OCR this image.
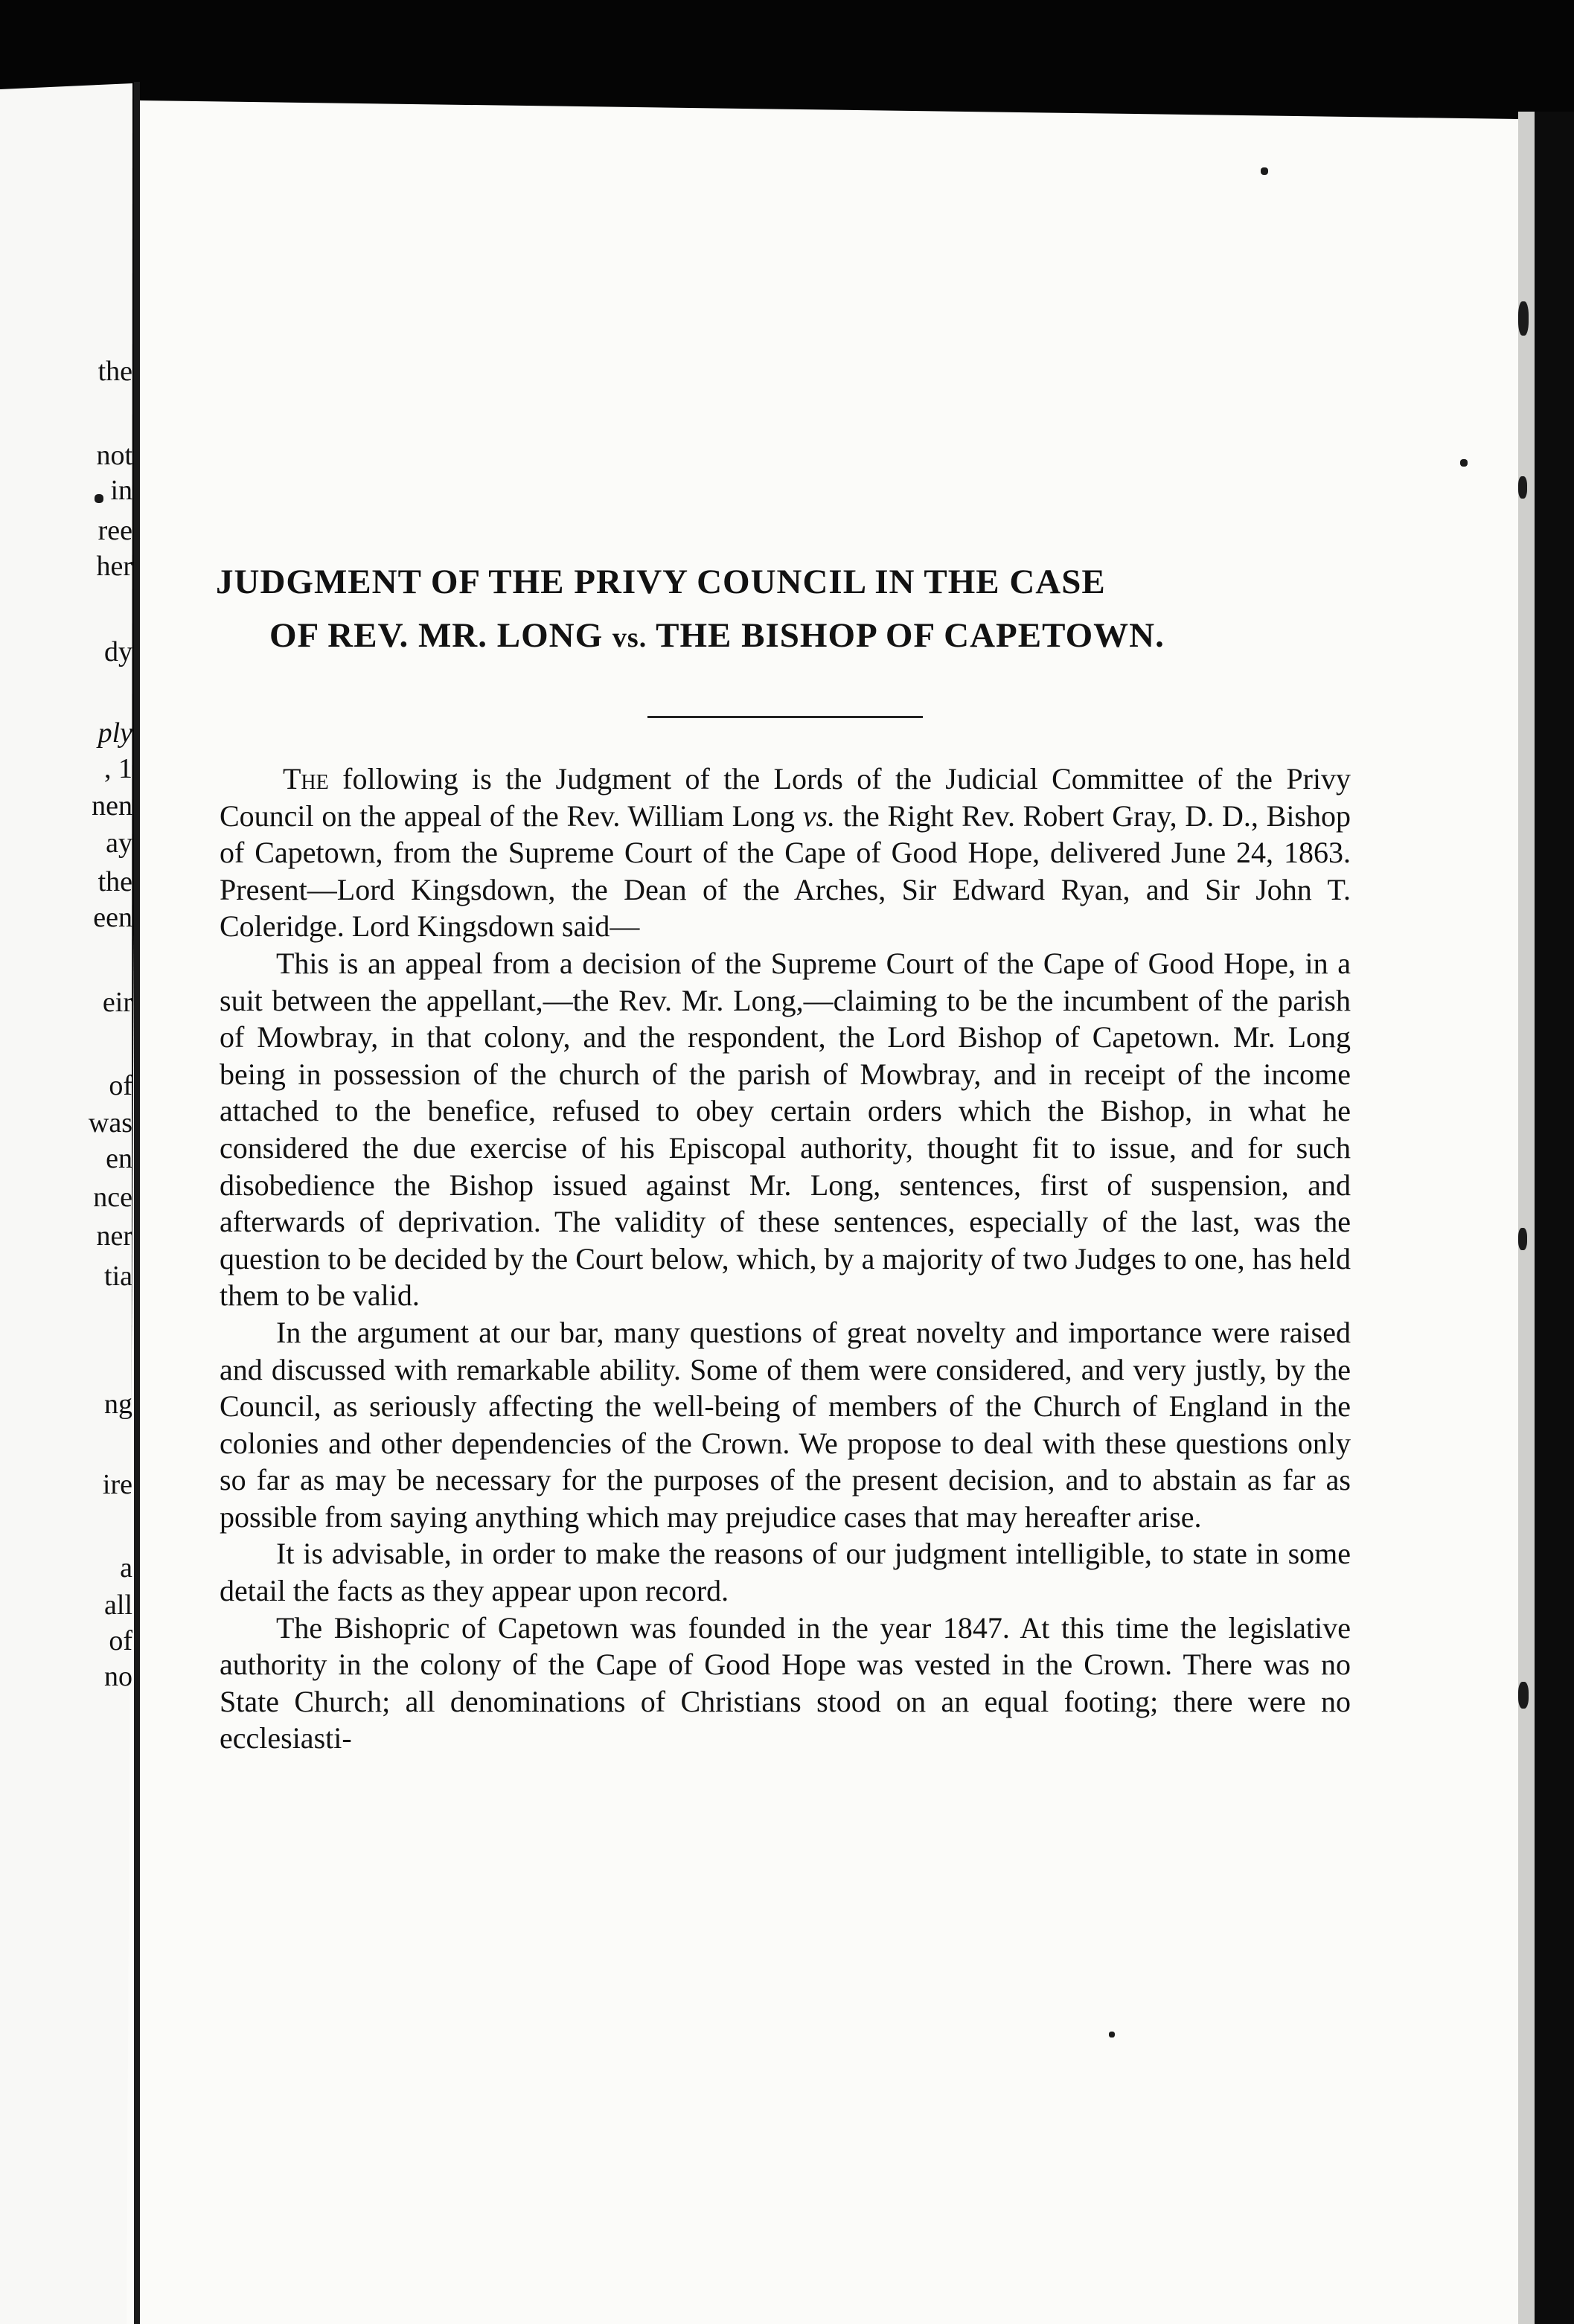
the
not
in
ree
her
dy
ply
, 1
nen
ay
the
een
eir
of
was
en
nce
ner
tia
ng
ire
a
all
of
no
JUDGMENT OF THE PRIVY COUNCIL IN THE CASE
OF REV. MR. LONG vs. THE BISHOP OF CAPETOWN.

The following is the Judgment of the Lords of the Judicial Committee of the Privy Council on the appeal of the Rev. William Long vs. the Right Rev. Robert Gray, D. D., Bishop of Capetown, from the Supreme Court of the Cape of Good Hope, delivered June 24, 1863. Present—Lord Kingsdown, the Dean of the Arches, Sir Edward Ryan, and Sir John T. Coleridge. Lord Kingsdown said—

This is an appeal from a decision of the Supreme Court of the Cape of Good Hope, in a suit between the appellant,—the Rev. Mr. Long,—claiming to be the incumbent of the parish of Mowbray, in that colony, and the respondent, the Lord Bishop of Capetown. Mr. Long being in possession of the church of the parish of Mowbray, and in receipt of the income attached to the benefice, refused to obey certain orders which the Bishop, in what he considered the due exercise of his Episcopal authority, thought fit to issue, and for such disobedience the Bishop issued against Mr. Long, sentences, first of suspension, and afterwards of deprivation. The validity of these sentences, especially of the last, was the question to be decided by the Court below, which, by a majority of two Judges to one, has held them to be valid.

In the argument at our bar, many questions of great novelty and importance were raised and discussed with remarkable ability. Some of them were considered, and very justly, by the Council, as seriously affecting the well-being of members of the Church of England in the colonies and other dependencies of the Crown. We propose to deal with these questions only so far as may be necessary for the purposes of the present decision, and to abstain as far as possible from saying anything which may prejudice cases that may hereafter arise.

It is advisable, in order to make the reasons of our judgment intelligible, to state in some detail the facts as they appear upon record.

The Bishopric of Capetown was founded in the year 1847. At this time the legislative authority in the colony of the Cape of Good Hope was vested in the Crown. There was no State Church; all denominations of Christians stood on an equal footing; there were no ecclesiasti-
